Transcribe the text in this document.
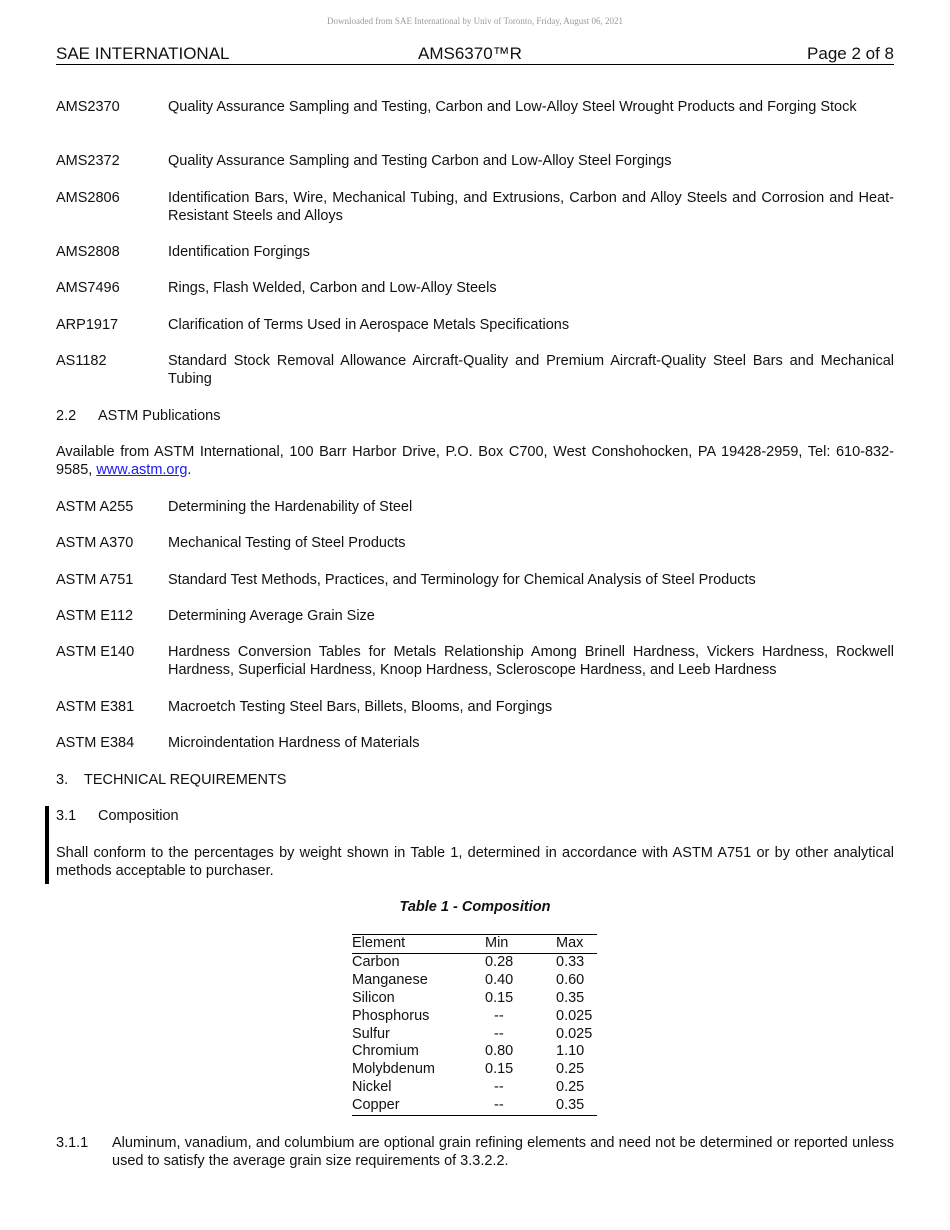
Downloaded from SAE International by Univ of Toronto, Friday, August 06, 2021
SAE INTERNATIONAL	AMS6370™R	Page 2 of 8
AMS2370	Quality Assurance Sampling and Testing, Carbon and Low-Alloy Steel Wrought Products and Forging Stock
AMS2372	Quality Assurance Sampling and Testing Carbon and Low-Alloy Steel Forgings
AMS2806	Identification Bars, Wire, Mechanical Tubing, and Extrusions, Carbon and Alloy Steels and Corrosion and Heat-Resistant Steels and Alloys
AMS2808	Identification Forgings
AMS7496	Rings, Flash Welded, Carbon and Low-Alloy Steels
ARP1917	Clarification of Terms Used in Aerospace Metals Specifications
AS1182	Standard Stock Removal Allowance Aircraft-Quality and Premium Aircraft-Quality Steel Bars and Mechanical Tubing
2.2 ASTM Publications
Available from ASTM International, 100 Barr Harbor Drive, P.O. Box C700, West Conshohocken, PA 19428-2959, Tel: 610-832-9585, www.astm.org.
ASTM A255	Determining the Hardenability of Steel
ASTM A370	Mechanical Testing of Steel Products
ASTM A751	Standard Test Methods, Practices, and Terminology for Chemical Analysis of Steel Products
ASTM E112	Determining Average Grain Size
ASTM E140	Hardness Conversion Tables for Metals Relationship Among Brinell Hardness, Vickers Hardness, Rockwell Hardness, Superficial Hardness, Knoop Hardness, Scleroscope Hardness, and Leeb Hardness
ASTM E381	Macroetch Testing Steel Bars, Billets, Blooms, and Forgings
ASTM E384	Microindentation Hardness of Materials
3. TECHNICAL REQUIREMENTS
3.1 Composition
Shall conform to the percentages by weight shown in Table 1, determined in accordance with ASTM A751 or by other analytical methods acceptable to purchaser.
Table 1 - Composition
Element	Min	Max
Carbon	0.28	0.33
Manganese	0.40	0.60
Silicon	0.15	0.35
Phosphorus	--	0.025
Sulfur	--	0.025
Chromium	0.80	1.10
Molybdenum	0.15	0.25
Nickel	--	0.25
Copper	--	0.35
3.1.1 Aluminum, vanadium, and columbium are optional grain refining elements and need not be determined or reported unless used to satisfy the average grain size requirements of 3.3.2.2.
